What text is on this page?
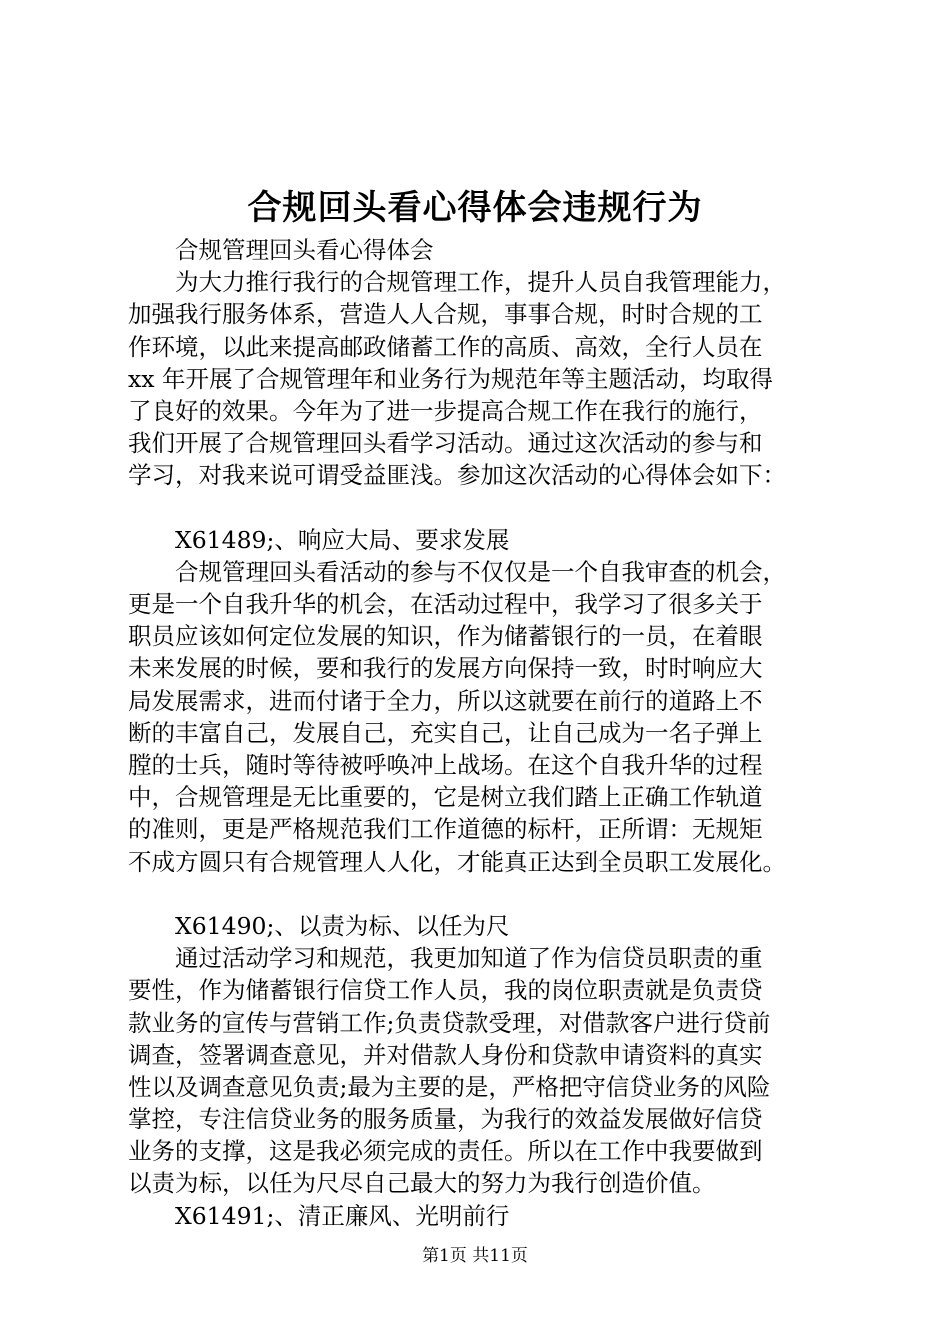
合规回头看心得体会违规行为
合规管理回头看心得体会
为大力推行我行的合规管理工作，提升人员自我管理能力，
加强我行服务体系，营造人人合规，事事合规，时时合规的工
作环境，以此来提高邮政储蓄工作的高质、高效，全行人员在
xx 年开展了合规管理年和业务行为规范年等主题活动，均取得
了良好的效果。今年为了进一步提高合规工作在我行的施行，
我们开展了合规管理回头看学习活动。通过这次活动的参与和
学习，对我来说可谓受益匪浅。参加这次活动的心得体会如下：
X61489;、响应大局、要求发展
合规管理回头看活动的参与不仅仅是一个自我审查的机会，
更是一个自我升华的机会，在活动过程中，我学习了很多关于
职员应该如何定位发展的知识，作为储蓄银行的一员，在着眼
未来发展的时候，要和我行的发展方向保持一致，时时响应大
局发展需求，进而付诸于全力，所以这就要在前行的道路上不
断的丰富自己，发展自己，充实自己，让自己成为一名子弹上
膛的士兵，随时等待被呼唤冲上战场。在这个自我升华的过程
中，合规管理是无比重要的，它是树立我们踏上正确工作轨道
的准则，更是严格规范我们工作道德的标杆，正所谓：无规矩
不成方圆只有合规管理人人化，才能真正达到全员职工发展化。
X61490;、以责为标、以任为尺
通过活动学习和规范，我更加知道了作为信贷员职责的重
要性，作为储蓄银行信贷工作人员，我的岗位职责就是负责贷
款业务的宣传与营销工作;负责贷款受理，对借款客户进行贷前
调查，签署调查意见，并对借款人身份和贷款申请资料的真实
性以及调查意见负责;最为主要的是，严格把守信贷业务的风险
掌控，专注信贷业务的服务质量，为我行的效益发展做好信贷
业务的支撑，这是我必须完成的责任。所以在工作中我要做到
以责为标，以任为尺尽自己最大的努力为我行创造价值。
X61491;、清正廉风、光明前行
第1页 共11页
